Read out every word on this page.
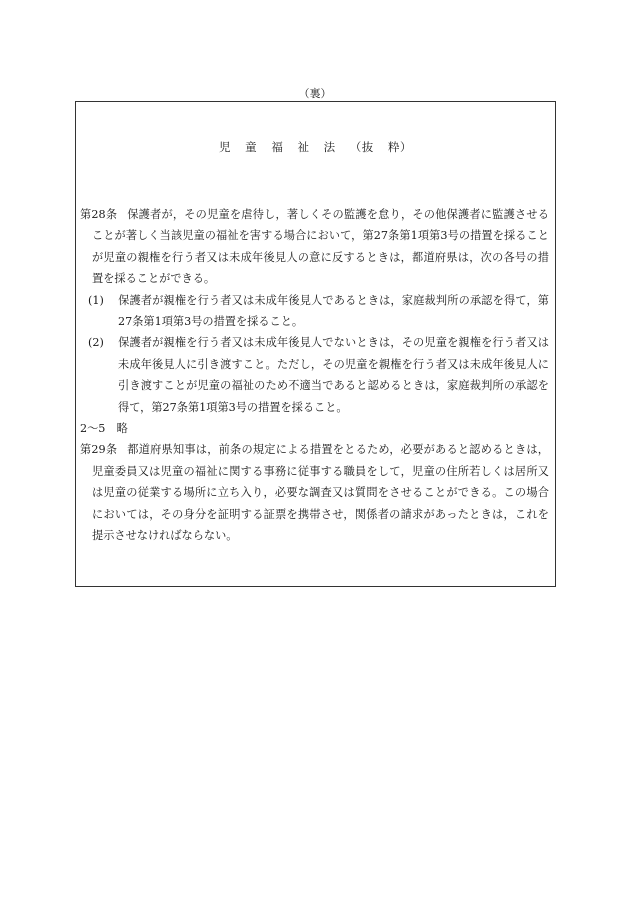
（裏）
児 童 福 祉 法 （抜 粋）

第28条 保護者が，その児童を虐待し，著しくその監護を怠り，その他保護者に監護させることが著しく当該児童の福祉を害する場合において，第27条第1項第3号の措置を採ることが児童の親権を行う者又は未成年後見人の意に反するときは，都道府県は，次の各号の措置を採ることができる。

(1) 保護者が親権を行う者又は未成年後見人であるときは，家庭裁判所の承認を得て，第27条第1項第3号の措置を採ること。

(2) 保護者が親権を行う者又は未成年後見人でないときは，その児童を親権を行う者又は未成年後見人に引き渡すこと。ただし，その児童を親権を行う者又は未成年後見人に引き渡すことが児童の福祉のため不適当であると認めるときは，家庭裁判所の承認を得て，第27条第1項第3号の措置を採ること。

2〜5　略

第29条 都道府県知事は，前条の規定による措置をとるため，必要があると認めるときは，児童委員又は児童の福祉に関する事務に従事する職員をして，児童の住所若しくは居所又は児童の従業する場所に立ち入り，必要な調査又は質問をさせることができる。この場合においては，その身分を証明する証票を携帯させ，関係者の請求があったときは，これを提示させなければならない。
